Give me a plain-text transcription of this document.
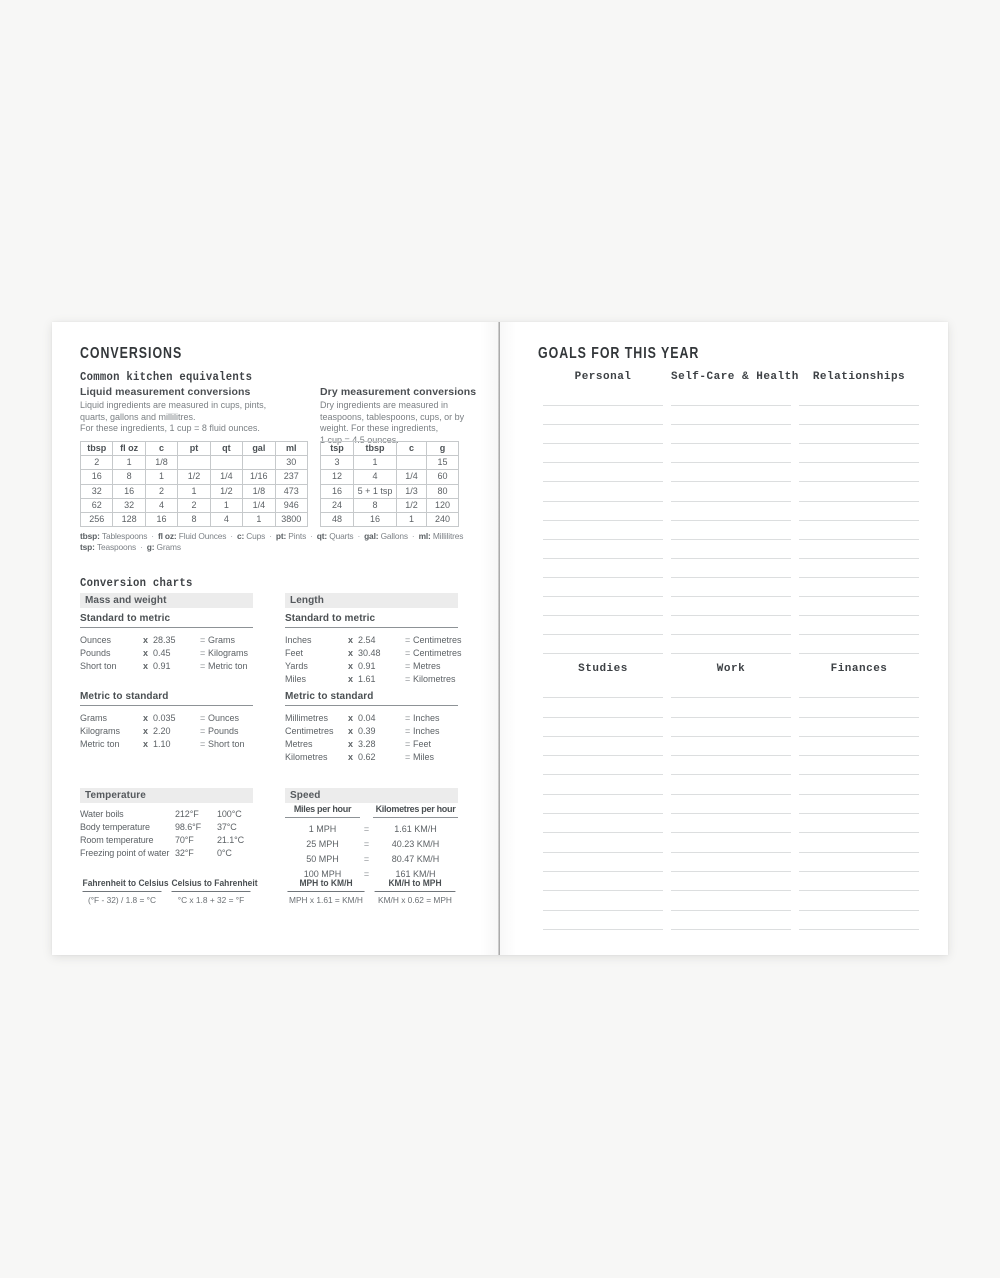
CONVERSIONS
Common kitchen equivalents
Liquid measurement conversions
Liquid ingredients are measured in cups, pints,
quarts, gallons and millilitres.
For these ingredients, 1 cup = 8 fluid ounces.
Dry measurement conversions
Dry ingredients are measured in
teaspoons, tablespoons, cups, or by
weight. For these ingredients,
1 cup = 4.5 ounces.
tbsp	fl oz	c	pt	qt	gal	ml
2	1	1/8				30
16	8	1	1/2	1/4	1/16	237
32	16	2	1	1/2	1/8	473
62	32	4	2	1	1/4	946
256	128	16	8	4	1	3800
tsp	tbsp	c	g
3	1		15
12	4	1/4	60
16	5 + 1 tsp	1/3	80
24	8	1/2	120
48	16	1	240
tbsp: Tablespoons · fl oz: Fluid Ounces · c: Cups · pt: Pints · qt: Quarts · gal: Gallons · ml: Millilitres
tsp: Teaspoons · g: Grams
Conversion charts
Mass and weight
Standard to metric
Ounces	x 28.35	= Grams
Pounds	x 0.45	= Kilograms
Short ton	x 0.91	= Metric ton
Metric to standard
Grams	x 0.035	= Ounces
Kilograms	x 2.20	= Pounds
Metric ton	x 1.10	= Short ton
Length
Standard to metric
Inches	x 2.54	= Centimetres
Feet	x 30.48	= Centimetres
Yards	x 0.91	= Metres
Miles	x 1.61	= Kilometres
Metric to standard
Millimetres	x 0.04	= Inches
Centimetres	x 0.39	= Inches
Metres	x 3.28	= Feet
Kilometres	x 0.62	= Miles
Temperature
Water boils	212°F	100°C
Body temperature	98.6°F	37°C
Room temperature	70°F	21.1°C
Freezing point of water 32°F	0°C
Fahrenheit to Celsius
(°F - 32) / 1.8 = °C
Celsius to Fahrenheit
°C x 1.8 + 32 = °F
Speed
Miles per hour	Kilometres per hour
1 MPH	=	1.61 KM/H
25 MPH	=	40.23 KM/H
50 MPH	=	80.47 KM/H
100 MPH	=	161 KM/H
MPH to KM/H
MPH x 1.61 = KM/H
KM/H to MPH
KM/H x 0.62 = MPH
GOALS FOR THIS YEAR
Personal	Self-Care & Health	Relationships
Studies	Work	Finances
